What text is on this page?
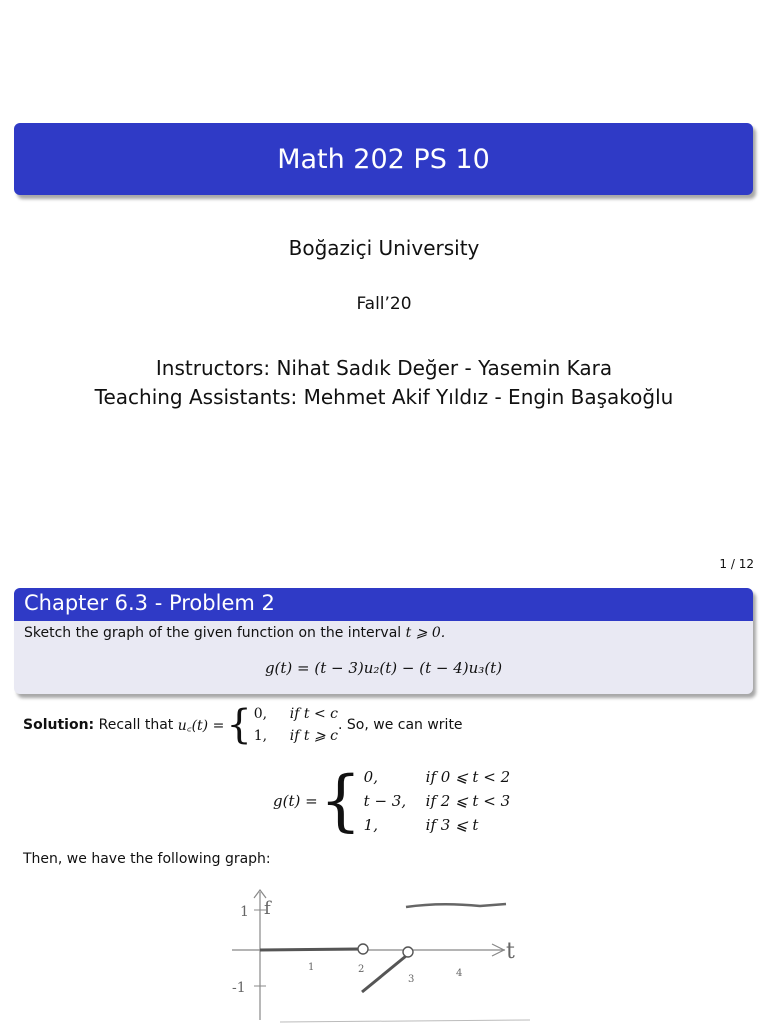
Math 202 PS 10
Boğaziçi University
Fall’20
Instructors: Nihat Sadık Değer - Yasemin Kara
Teaching Assistants: Mehmet Akif Yıldız - Engin Başakoğlu
1 / 12
Chapter 6.3 - Problem 2
Sketch the graph of the given function on the interval t ⩾ 0.
g(t) = (t − 3)u₂(t) − (t − 4)u₃(t)
Solution:
Recall that
u꜀(t) = { 0, if t < c
1, if t ⩾ c
. So, we can write
g(t) = { 0,	if 0 ⩽ t < 2
t − 3, if 2 ⩽ t < 3
1,	if 3 ⩽ t
Then, we have the following graph:
1
-1
f
t
1	2
3
4
